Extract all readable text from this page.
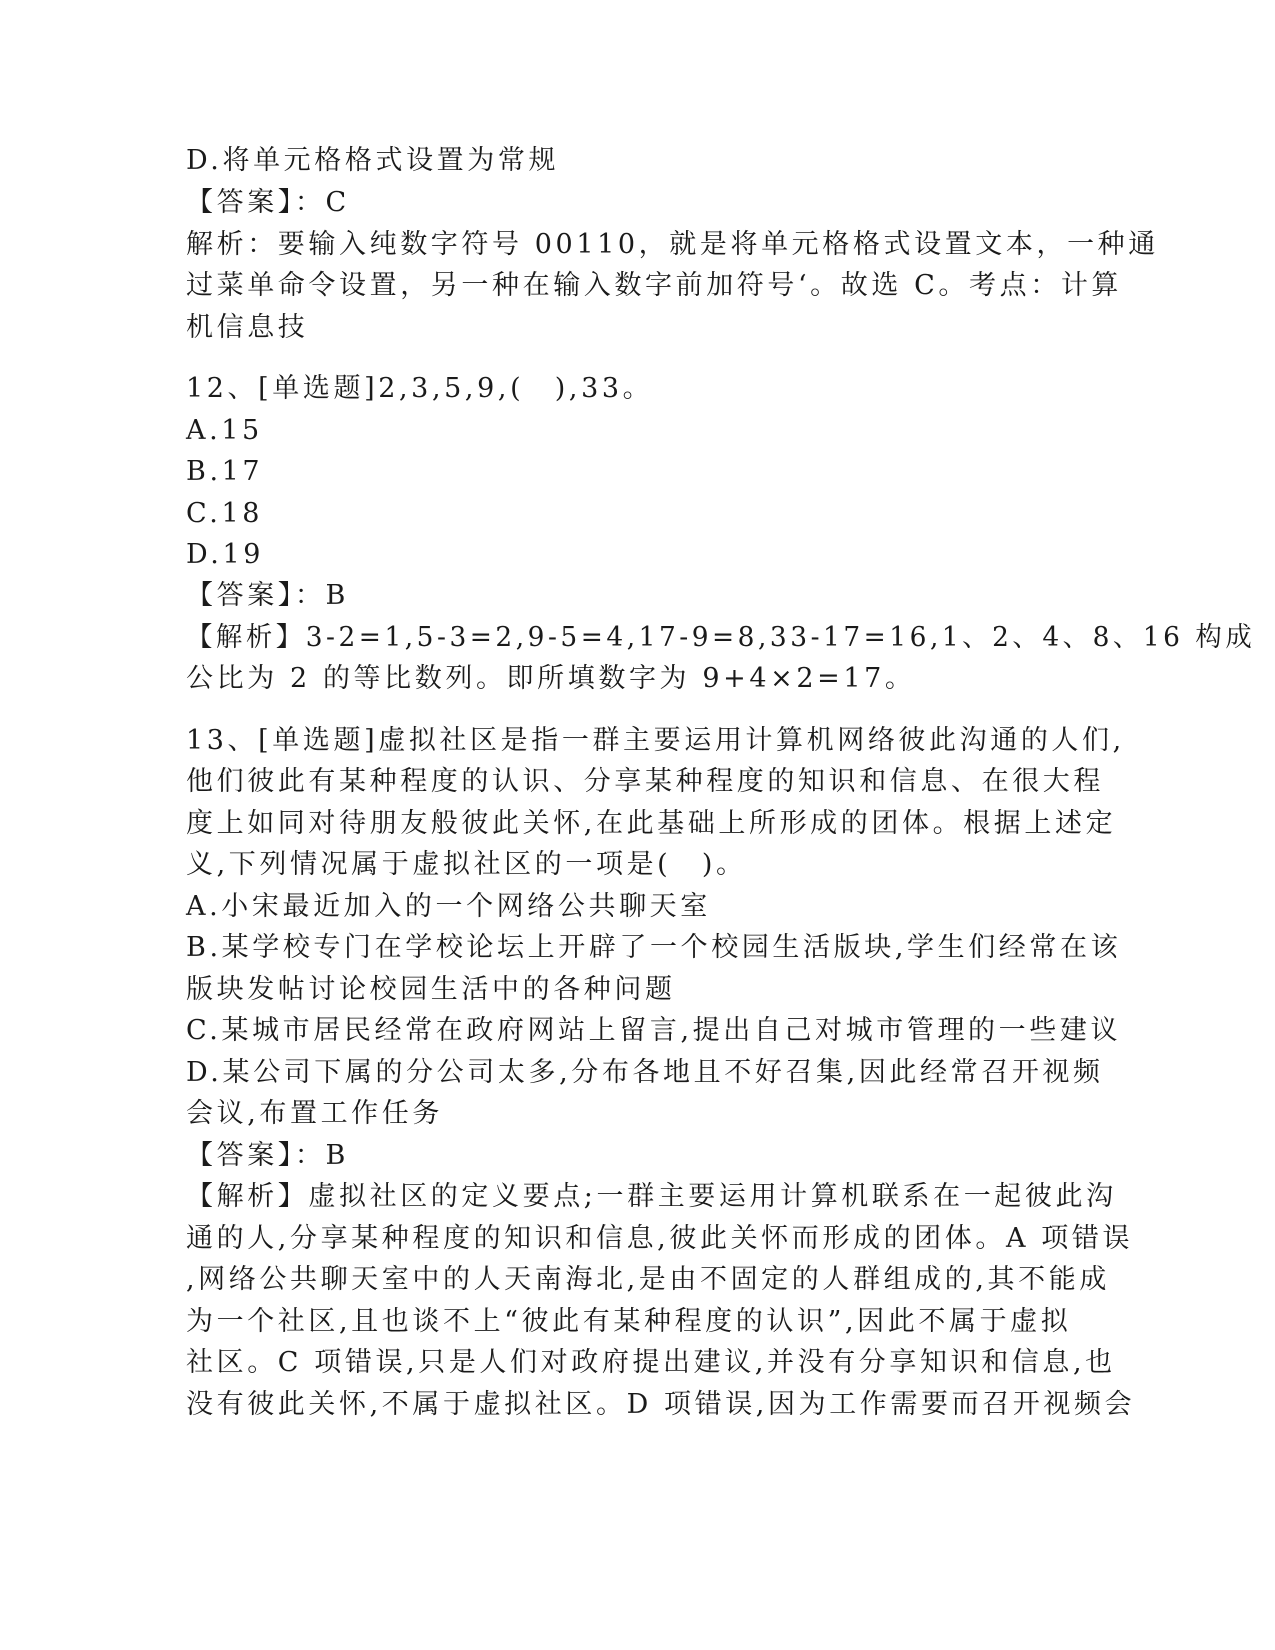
D.将单元格格式设置为常规
【答案】：C
解析：要输入纯数字符号 00110，就是将单元格格式设置文本，一种通
过菜单命令设置，另一种在输入数字前加符号‘。故选 C。考点：计算
机信息技
12、[单选题]2,3,5,9,(　),33。
A.15
B.17
C.18
D.19
【答案】：B
【解析】3-2=1,5-3=2,9-5=4,17-9=8,33-17=16,1、2、4、8、16 构成
公比为 2 的等比数列。即所填数字为 9+4×2=17。
13、[单选题]虚拟社区是指一群主要运用计算机网络彼此沟通的人们,
他们彼此有某种程度的认识、分享某种程度的知识和信息、在很大程
度上如同对待朋友般彼此关怀,在此基础上所形成的团体。根据上述定
义,下列情况属于虚拟社区的一项是(　)。
A.小宋最近加入的一个网络公共聊天室
B.某学校专门在学校论坛上开辟了一个校园生活版块,学生们经常在该
版块发帖讨论校园生活中的各种问题
C.某城市居民经常在政府网站上留言,提出自己对城市管理的一些建议
D.某公司下属的分公司太多,分布各地且不好召集,因此经常召开视频
会议,布置工作任务
【答案】：B
【解析】虚拟社区的定义要点;一群主要运用计算机联系在一起彼此沟
通的人,分享某种程度的知识和信息,彼此关怀而形成的团体。A 项错误
,网络公共聊天室中的人天南海北,是由不固定的人群组成的,其不能成
为一个社区,且也谈不上“彼此有某种程度的认识”,因此不属于虚拟
社区。C 项错误,只是人们对政府提出建议,并没有分享知识和信息,也
没有彼此关怀,不属于虚拟社区。D 项错误,因为工作需要而召开视频会
